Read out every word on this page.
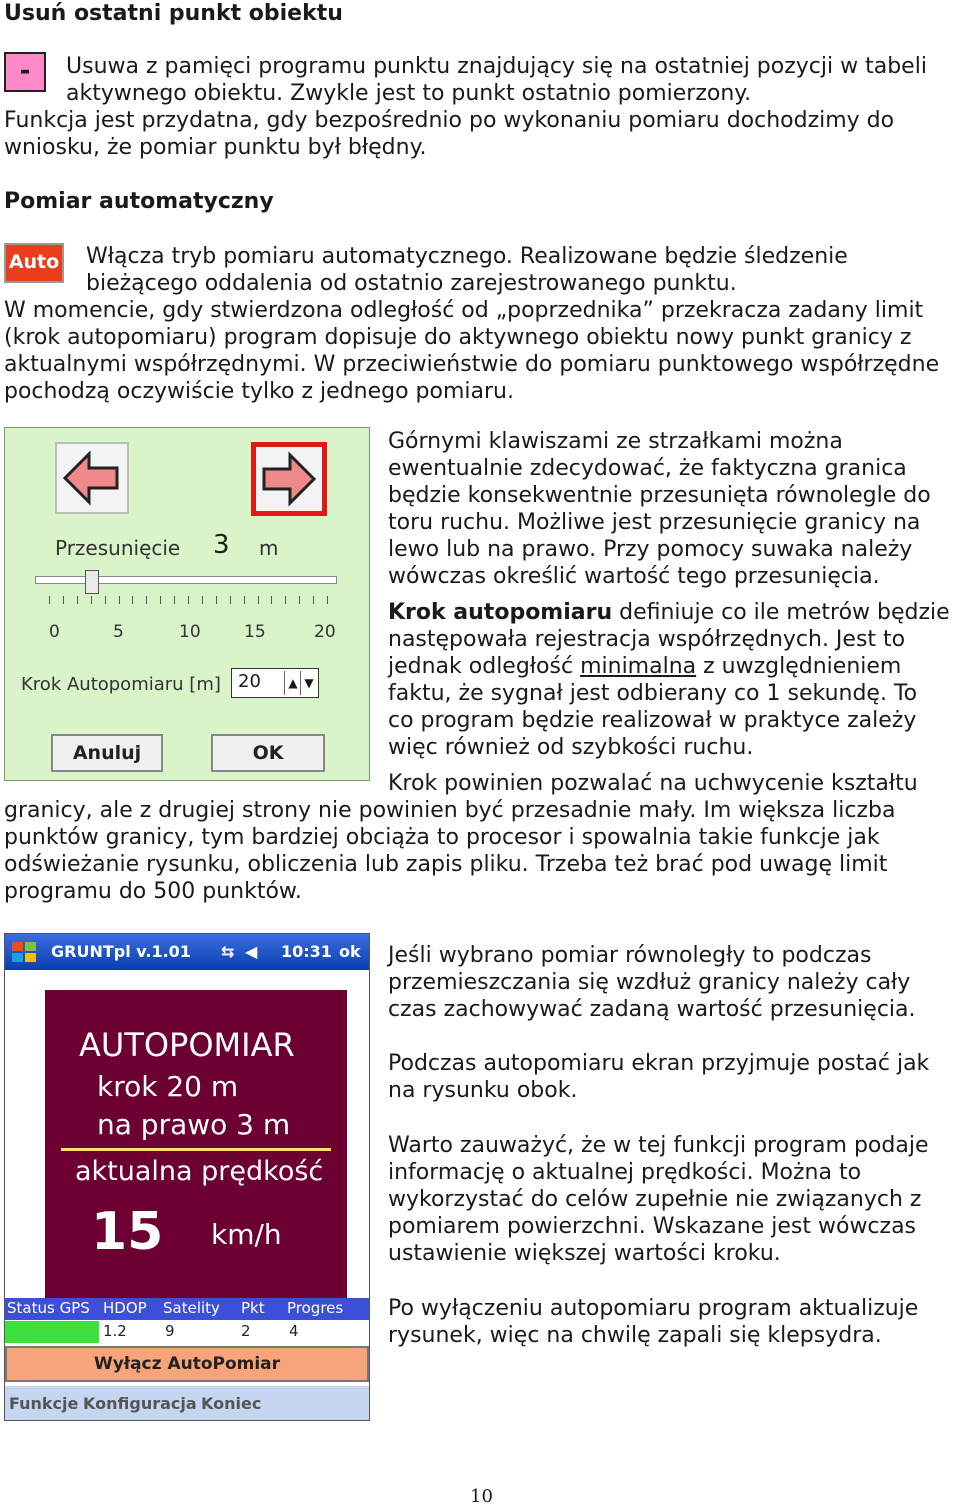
Usuń ostatni punkt obiektu
-	Usuwa z pamięci programu punktu znajdujący się na ostatniej pozycji w tabeli

aktywnego obiektu. Zwykle jest to punkt ostatnio pomierzony.

Funkcja jest przydatna, gdy bezpośrednio po wykonaniu pomiaru dochodzimy do

wniosku, że pomiar punktu był błędny.

Pomiar automatyczny
Auto Włącza tryb pomiaru automatycznego. Realizowane będzie śledzenie

bieżącego oddalenia od ostatnio zarejestrowanego punktu.

W momencie, gdy stwierdzona odległość od „poprzednika” przekracza zadany limit

(krok autopomiaru) program dopisuje do aktywnego obiektu nowy punkt granicy z

aktualnymi współrzędnymi. W przeciwieństwie do pomiaru punktowego współrzędne

pochodzą oczywiście tylko z jednego pomiaru.

Przesunięcie 3 m
0	5	10	15	20
Krok Autopomiaru [m] 20	▲ ▼
Anuluj	OK

Górnymi klawiszami ze strzałkami można

ewentualnie zdecydować, że faktyczna granica

będzie konsekwentnie przesunięta równolegle do

toru ruchu. Możliwe jest przesunięcie granicy na

lewo lub na prawo. Przy pomocy suwaka należy

wówczas określić wartość tego przesunięcia.

Krok autopomiaru definiuje co ile metrów będzie

następowała rejestracja współrzędnych. Jest to

jednak odległość minimalna z uwzględnieniem

faktu, że sygnał jest odbierany co 1 sekundę. To

co program będzie realizował w praktyce zależy

więc również od szybkości ruchu.

Krok powinien pozwalać na uchwycenie kształtu

granicy, ale z drugiej strony nie powinien być przesadnie mały. Im większa liczba

punktów granicy, tym bardziej obciąża to procesor i spowalnia takie funkcje jak

odświeżanie rysunku, obliczenia lub zapis pliku. Trzeba też brać pod uwagę limit

programu do 500 punktów.

GRUNTpl v.1.01 ⇆ ◀ 10:31 ok
AUTOPOMIAR
krok 20 m
na prawo 3 m
aktualna prędkość
15 km/h
Status GPS HDOP Satelity Pkt Progres
1.2	9	2	4
Wyłącz AutoPomiar
Funkcje Konfiguracja Koniec

Jeśli wybrano pomiar równoległy to podczas

przemieszczania się wzdłuż granicy należy cały

czas zachowywać zadaną wartość przesunięcia.

Podczas autopomiaru ekran przyjmuje postać jak

na rysunku obok.

Warto zauważyć, że w tej funkcji program podaje

informację o aktualnej prędkości. Można to

wykorzystać do celów zupełnie nie związanych z

pomiarem powierzchni. Wskazane jest wówczas

ustawienie większej wartości kroku.

Po wyłączeniu autopomiaru program aktualizuje

rysunek, więc na chwilę zapali się klepsydra.

10
